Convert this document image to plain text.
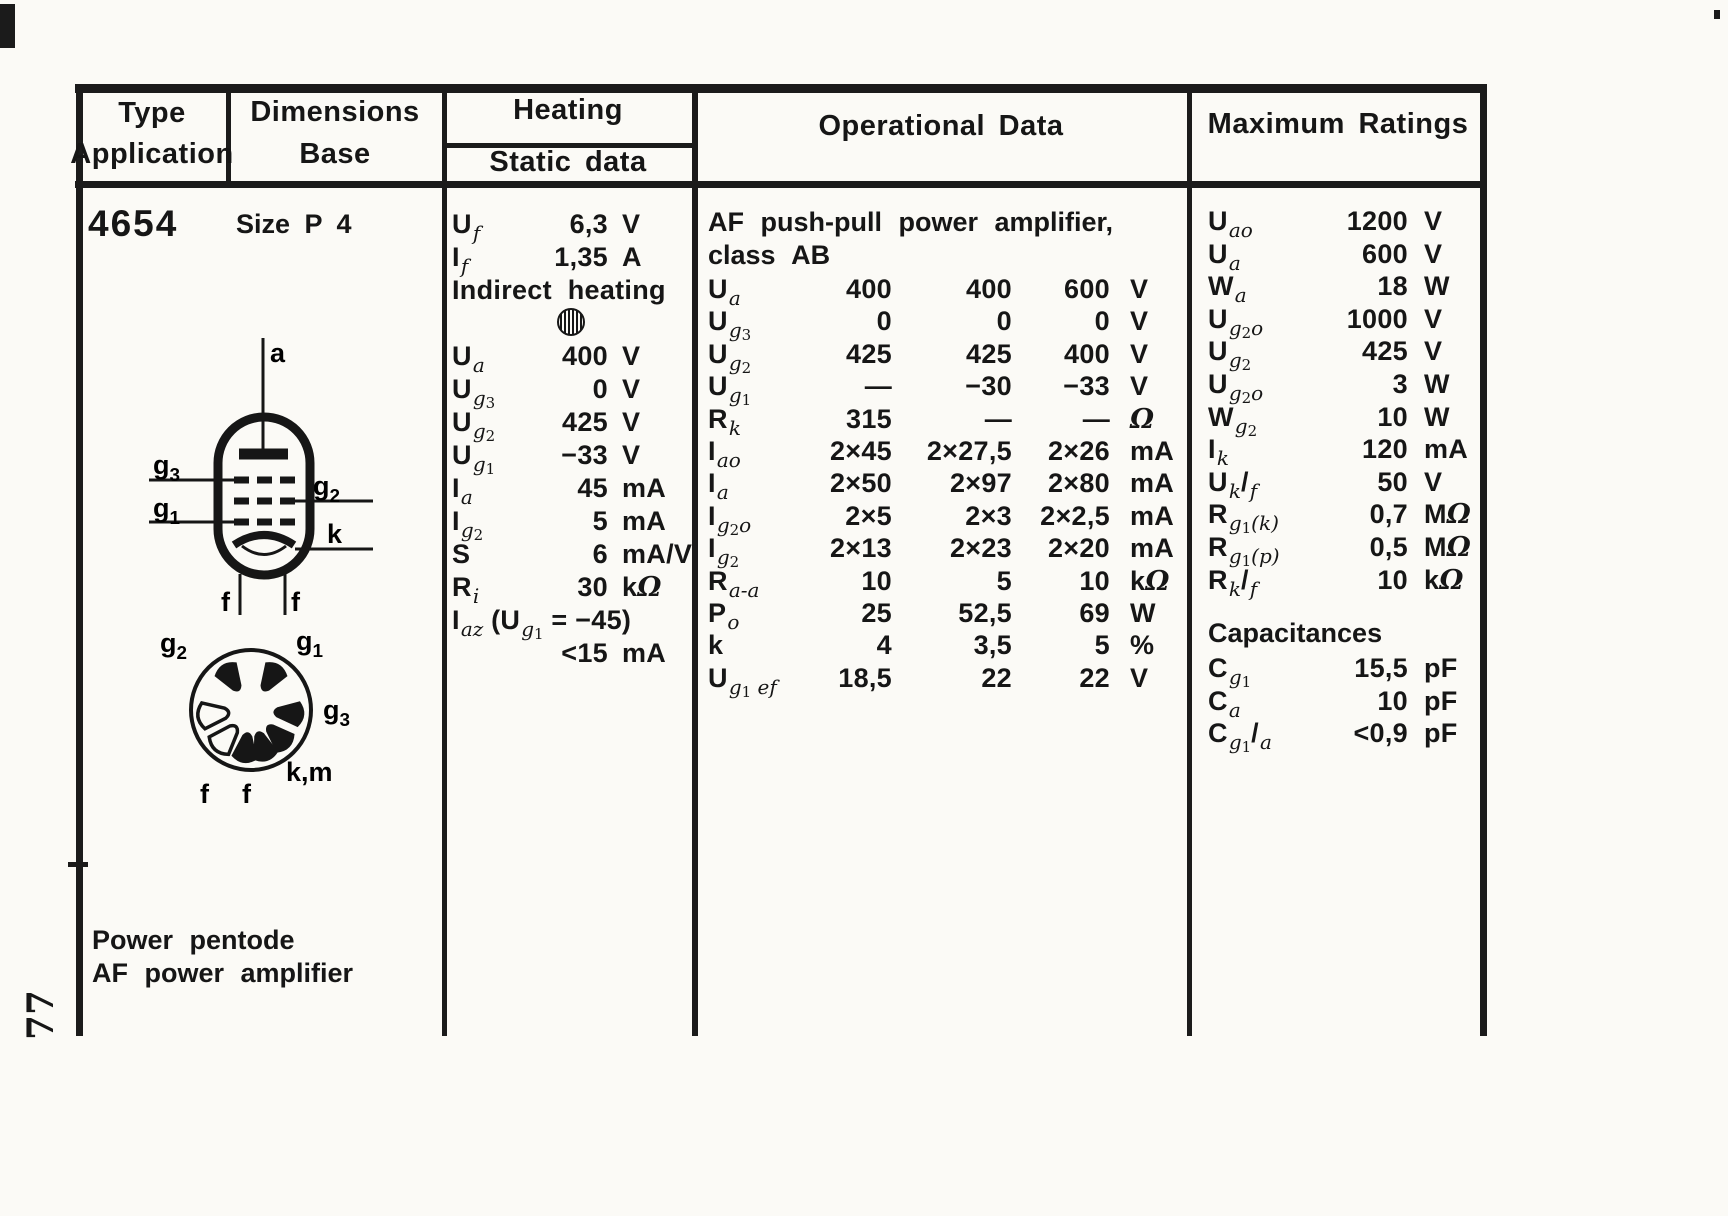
Type
Application
Dimensions
Base
Heating
Static data
Operational Data	Maximum Ratings
4654 Size P 4
Power pentode
AF power amplifier
a
$g_3$
$g_1$
$g_2$
k
f f
$g_2$	$g_1$
$g_3$
k,m
f f
$U_f$	6,3 V
$I_f$	1,35 A
Indirect heating
$U_a$	400 V
$U_{g3}$	0 V
$U_{g2}$	425 V
$U_{g1}$	−33 V
$I_a$	45 mA
$I_{g2}$	5 mA
S	6 mA/V
$R_i$	30 kΩ
$I_{az}$ $(U_{g1} = -45)$
<15 mA
AF push-pull power amplifier,
class AB
$U_a$	400	400	600 V
$U_{g3}$	0	0	0 V
$U_{g2}$	425	425	400 V
$U_{g1}$	—	−30	−33 V
$R_k$	315	—	— Ω
$I_{ao}$	2×45	2×27,5	2×26 mA
$I_a$	2×50	2×97	2×80 mA
$I_{g2o}$	2×5	2×3	2×2,5 mA
$I_{g2}$	2×13	2×23	2×20 mA
$R_{a-a}$	10	5	10 kΩ
$P_o$	25	52,5	69 W
k	4	3,5	5 %
$U_{g1 ef}$	18,5	22	22 V
$U_{ao}$	1200 V
$U_a$	600 V
$W_a$	18 W
$U_{g2o}$	1000 V
$U_{g2}$	425 V
$U_{g2o}$	3 W
$W_{g2}$	10 W
$I_k$	120 mA
$U_k/_f$	50 V
$R_{g1(k)}$	0,7 MΩ
$R_{g1(p)}$	0,5 MΩ
$R_k/_f$	10 kΩ
Capacitances
$C_{g1}$	15,5 pF
$C_a$	10 pF
$C_{g1}/_a$	<0,9 pF
77
